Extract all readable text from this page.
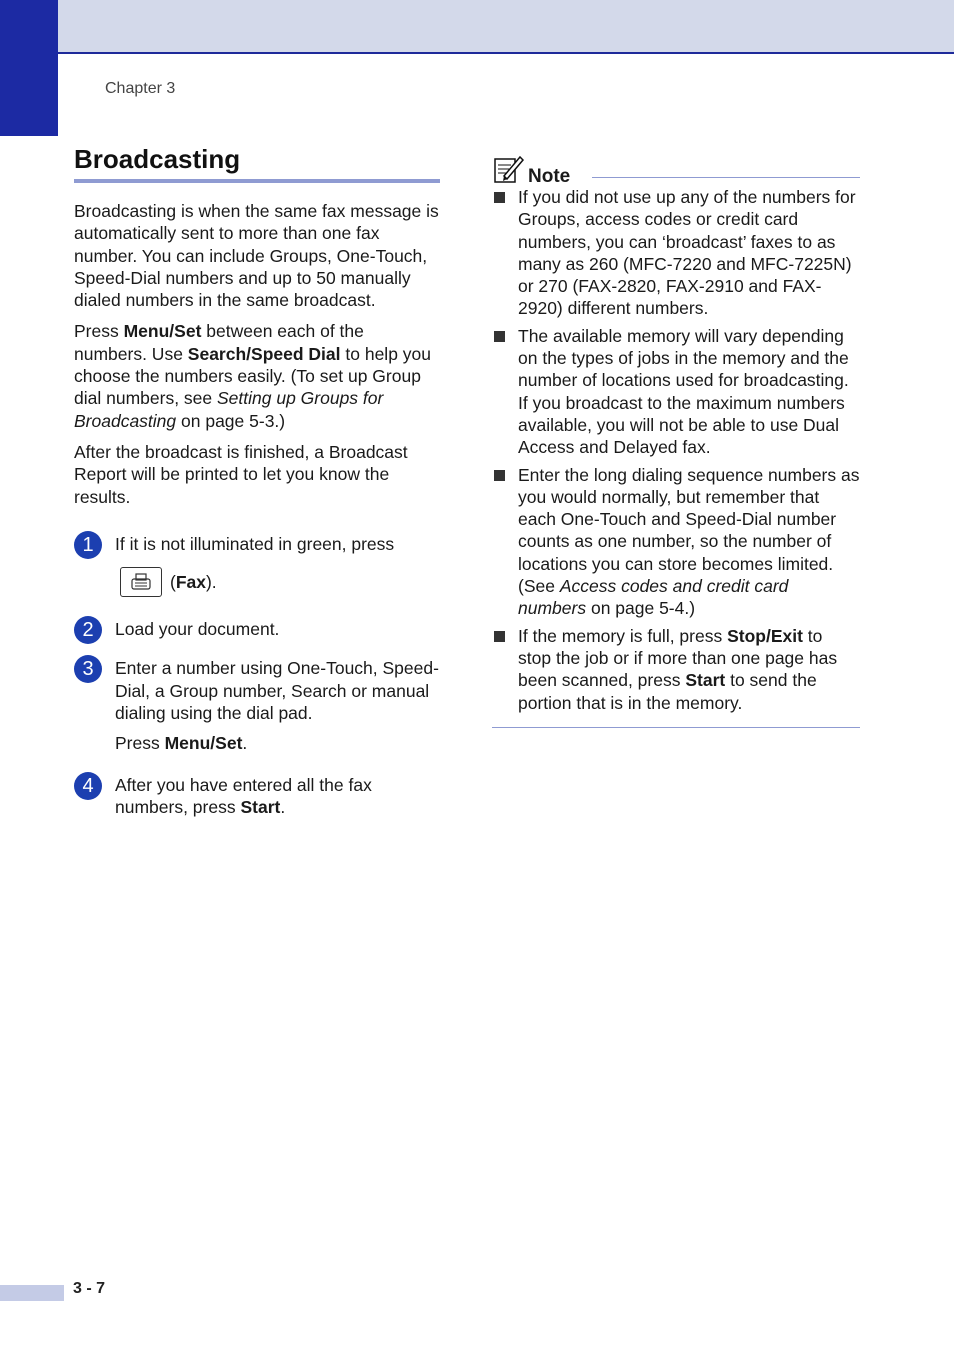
Chapter 3
Broadcasting

Broadcasting is when the same fax message is automatically sent to more than one fax number. You can include Groups, One-Touch, Speed-Dial numbers and up to 50 manually dialed numbers in the same broadcast.

Press Menu/Set between each of the numbers. Use Search/Speed Dial to help you choose the numbers easily. (To set up Group dial numbers, see Setting up Groups for Broadcasting on page 5-3.)

After the broadcast is finished, a Broadcast Report will be printed to let you know the results.

1	If it is not illuminated in green, press

(Fax).

2	Load your document.

3	Enter a number using One-Touch, Speed-Dial, a Group number, Search or manual dialing using the dial pad.

Press Menu/Set.

4	After you have entered all the fax numbers, press Start.

Note

If you did not use up any of the numbers for Groups, access codes or credit card numbers, you can ‘broadcast’ faxes to as many as 260 (MFC-7220 and MFC-7225N) or 270 (FAX-2820, FAX-2910 and FAX-2920) different numbers.

The available memory will vary depending on the types of jobs in the memory and the number of locations used for broadcasting. If you broadcast to the maximum numbers available, you will not be able to use Dual Access and Delayed fax.

Enter the long dialing sequence numbers as you would normally, but remember that each One-Touch and Speed-Dial number counts as one number, so the number of locations you can store becomes limited. (See Access codes and credit card numbers on page 5-4.)

If the memory is full, press Stop/Exit to stop the job or if more than one page has been scanned, press Start to send the portion that is in the memory.

3 - 7
